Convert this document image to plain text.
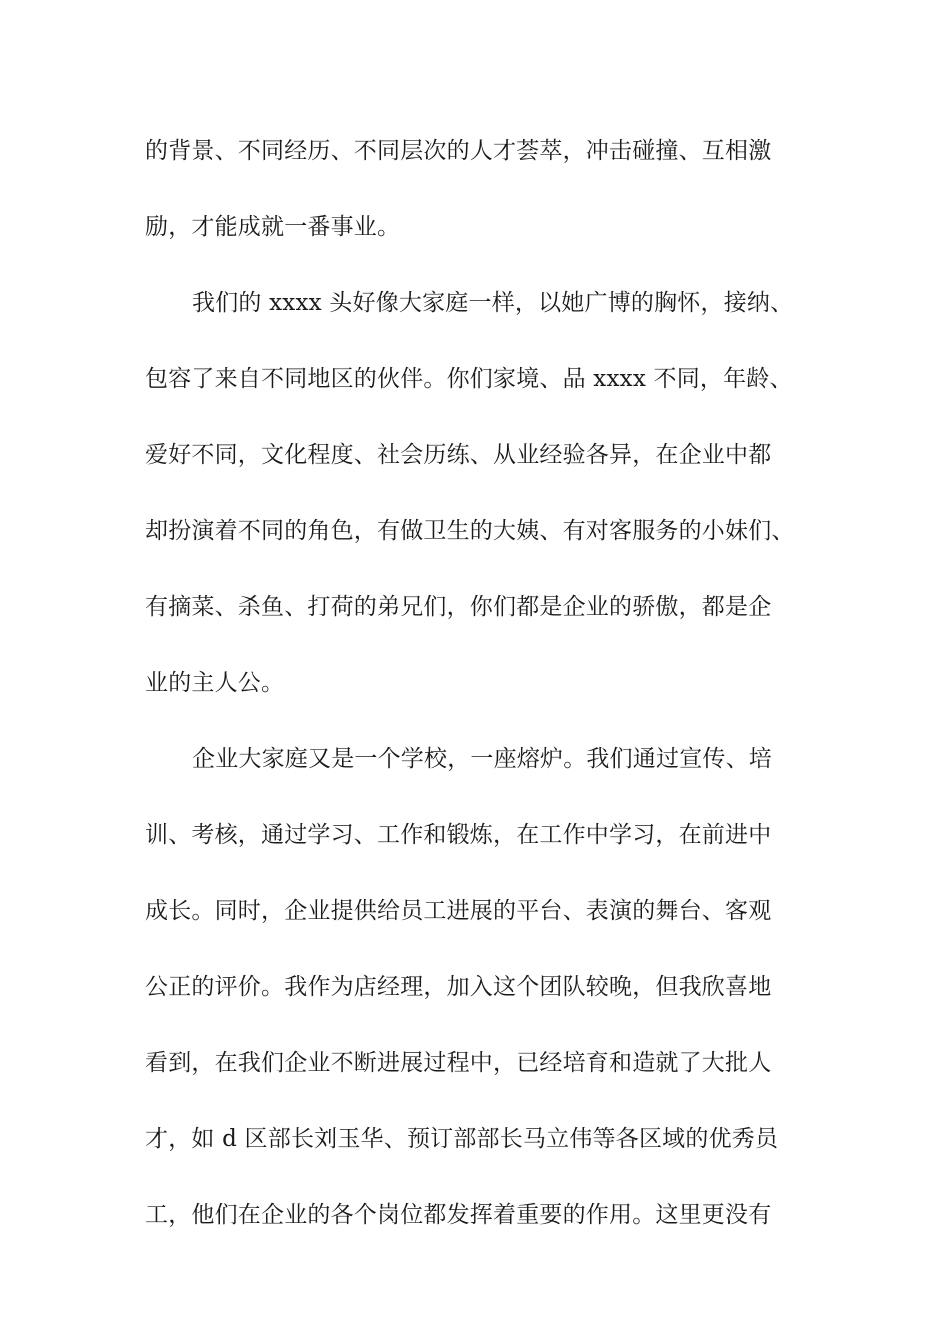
的背景、不同经历、不同层次的人才荟萃，冲击碰撞、互相激
励，才能成就一番事业。
我们的 xxxx 头好像大家庭一样，以她广博的胸怀，接纳、
包容了来自不同地区的伙伴。你们家境、品 xxxx 不同，年龄、
爱好不同，文化程度、社会历练、从业经验各异，在企业中都
却扮演着不同的角色，有做卫生的大姨、有对客服务的小妹们、
有摘菜、杀鱼、打荷的弟兄们，你们都是企业的骄傲，都是企
业的主人公。
企业大家庭又是一个学校，一座熔炉。我们通过宣传、培
训、考核，通过学习、工作和锻炼，在工作中学习，在前进中
成长。同时，企业提供给员工进展的平台、表演的舞台、客观
公正的评价。我作为店经理，加入这个团队较晚，但我欣喜地
看到，在我们企业不断进展过程中，已经培育和造就了大批人
才，如 d 区部长刘玉华、预订部部长马立伟等各区域的优秀员
工，他们在企业的各个岗位都发挥着重要的作用。这里更没有
